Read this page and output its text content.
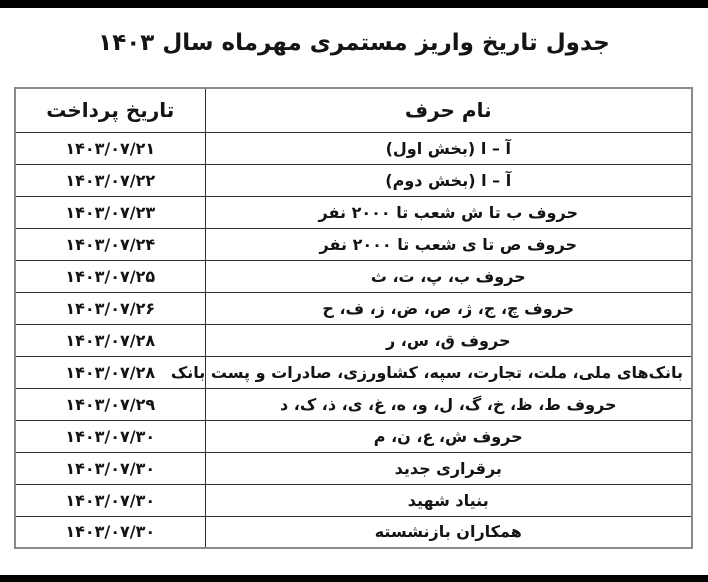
جدول تاریخ واریز مستمری مهرماه سال ۱۴۰۳
نام حرف	تاریخ پرداخت
آ – ا (بخش اول)	۱۴۰۳/۰۷/۲۱
آ – ا (بخش دوم)	۱۴۰۳/۰۷/۲۲
حروف ب تا ش شعب تا ۲۰۰۰ نفر	۱۴۰۳/۰۷/۲۳
حروف ص تا ی شعب تا ۲۰۰۰ نفر	۱۴۰۳/۰۷/۲۴
حروف ب، پ، ت، ث	۱۴۰۳/۰۷/۲۵
حروف چ، ج، ژ، ص، ض، ز، ف، ح	۱۴۰۳/۰۷/۲۶
حروف ق، س، ر	۱۴۰۳/۰۷/۲۸
بانک‌های ملی، ملت، تجارت، سپه، کشاورزی، صادرات و پست بانک	۱۴۰۳/۰۷/۲۸
حروف ط، ظ، خ، گ، ل، و، ه، غ، ی، ذ، ک، د	۱۴۰۳/۰۷/۲۹
حروف ش، ع، ن، م	۱۴۰۳/۰۷/۳۰
برقراری جدید	۱۴۰۳/۰۷/۳۰
بنیاد شهید	۱۴۰۳/۰۷/۳۰
همکاران بازنشسته	۱۴۰۳/۰۷/۳۰
